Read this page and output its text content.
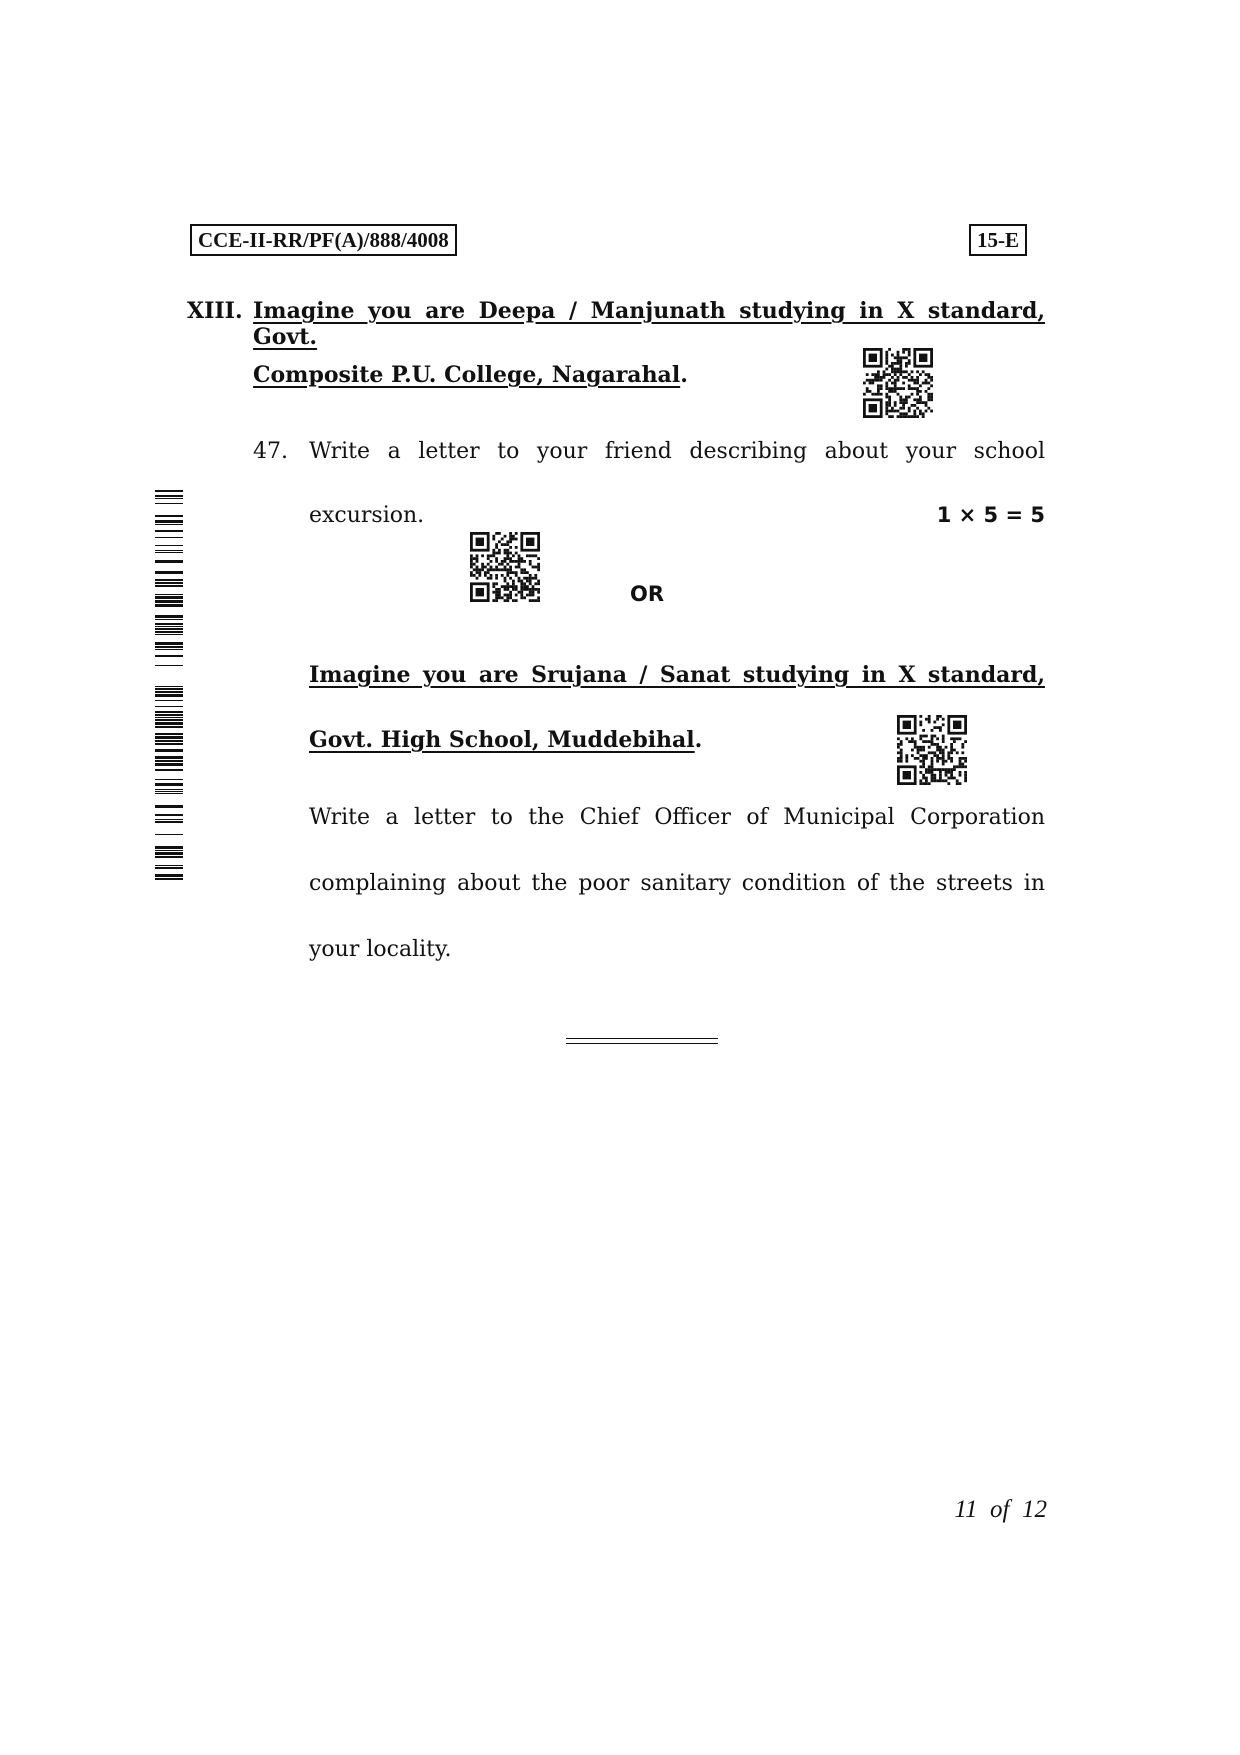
CCE-II-RR/PF(A)/888/4008	15-E
XIII. Imagine you are Deepa / Manjunath studying in X standard, Govt.
Composite P.U. College, Nagarahal.
47. Write a letter to your friend describing about your school
excursion.	1 × 5 = 5
OR
Imagine you are Srujana / Sanat studying in X standard,
Govt. High School, Muddebihal.
Write a letter to the Chief Officer of Municipal Corporation
complaining about the poor sanitary condition of the streets in
your locality.
11  of  12
